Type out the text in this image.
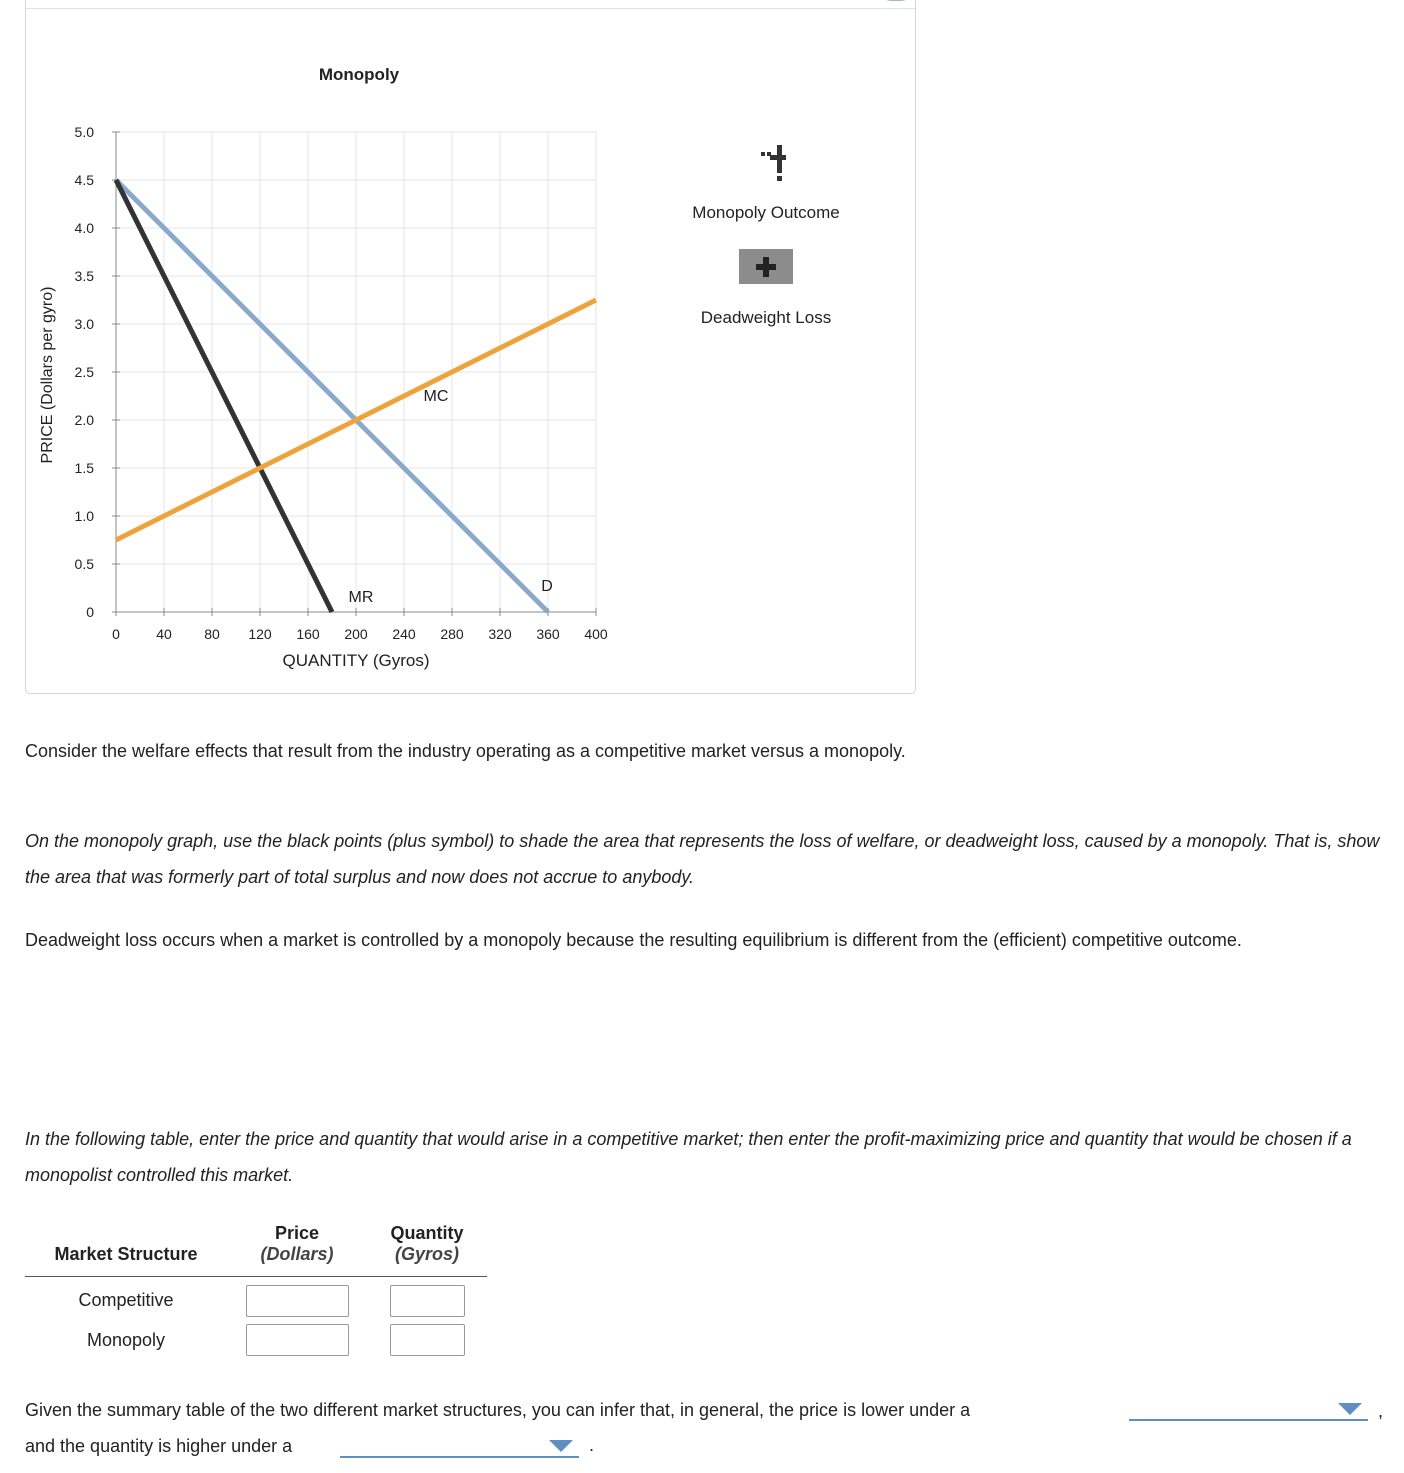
0	40 80 120 160 200 240 280 320 360 400
0
0.5
1.0
1.5
2.0
2.5
3.0
3.5
4.0
4.5
5.0
Monopoly
QUANTITY (Gyros)
PRICE (Dollars per gyro)	MC
MR
D
Monopoly Outcome
Deadweight Loss

Consider the welfare effects that result from the industry operating as a competitive market versus a monopoly.

On the monopoly graph, use the black points (plus symbol) to shade the area that represents the loss of welfare, or deadweight loss, caused by a monopoly. That is, show the area that was formerly part of total surplus and now does not accrue to anybody.

Deadweight loss occurs when a market is controlled by a monopoly because the resulting equilibrium is different from the (efficient) competitive outcome.

In the following table, enter the price and quantity that would arise in a competitive market; then enter the profit-maximizing price and quantity that would be chosen if a monopolist controlled this market.

	Price	Quantity
Market Structure	(Dollars)	(Gyros)
Competitive		
Monopoly		

Given the summary table of the two different market structures, you can infer that, in general, the price is lower under a	,

and the quantity is higher under a	.
